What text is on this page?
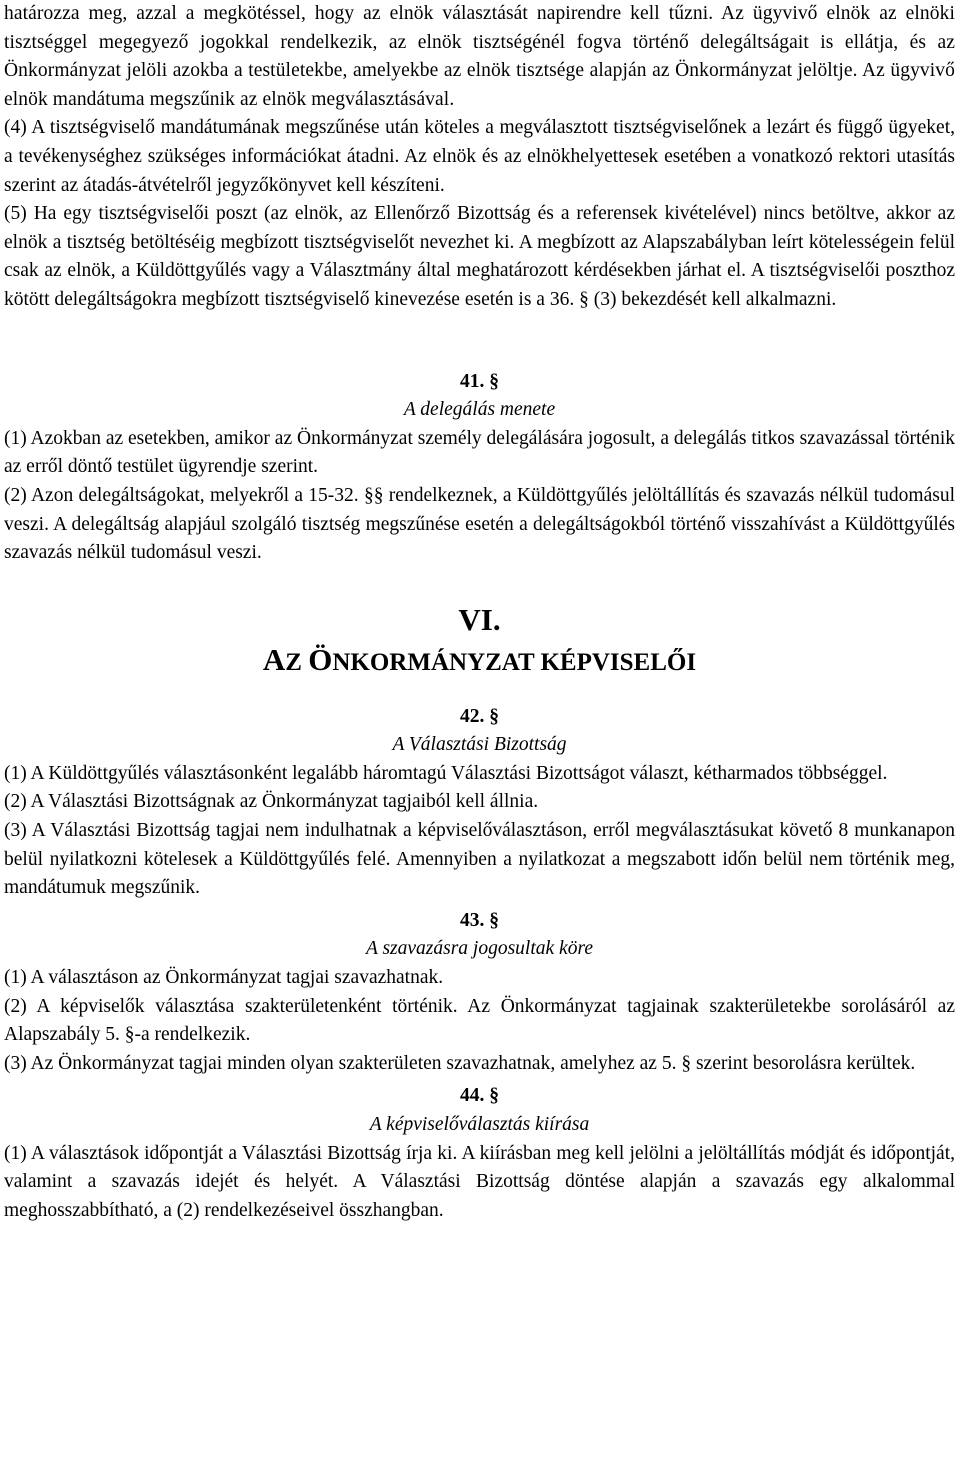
határozza meg, azzal a megkötéssel, hogy az elnök választását napirendre kell tűzni. Az ügyvivő elnök az elnöki tisztséggel megegyező jogokkal rendelkezik, az elnök tisztségénél fogva történő delegáltságait is ellátja, és az Önkormányzat jelöli azokba a testületekbe, amelyekbe az elnök tisztsége alapján az Önkormányzat jelöltje. Az ügyvivő elnök mandátuma megszűnik az elnök megválasztásával.

(4) A tisztségviselő mandátumának megszűnése után köteles a megválasztott tisztségviselőnek a lezárt és függő ügyeket, a tevékenységhez szükséges információkat átadni. Az elnök és az elnökhelyettesek esetében a vonatkozó rektori utasítás szerint az átadás-átvételről jegyzőkönyvet kell készíteni.

(5) Ha egy tisztségviselői poszt (az elnök, az Ellenőrző Bizottság és a referensek kivételével) nincs betöltve, akkor az elnök a tisztség betöltéséig megbízott tisztségviselőt nevezhet ki. A megbízott az Alapszabályban leírt kötelességein felül csak az elnök, a Küldöttgyűlés vagy a Választmány által meghatározott kérdésekben járhat el. A tisztségviselői poszthoz kötött delegáltságokra megbízott tisztségviselő kinevezése esetén is a 36. § (3) bekezdését kell alkalmazni.

41. §

A delegálás menete

(1) Azokban az esetekben, amikor az Önkormányzat személy delegálására jogosult, a delegálás titkos szavazással történik az erről döntő testület ügyrendje szerint.

(2) Azon delegáltságokat, melyekről a 15-32. §§ rendelkeznek, a Küldöttgyűlés jelöltállítás és szavazás nélkül tudomásul veszi. A delegáltság alapjául szolgáló tisztség megszűnése esetén a delegáltságokból történő visszahívást a Küldöttgyűlés szavazás nélkül tudomásul veszi.

VI.

AZ ÖNKORMÁNYZAT KÉPVISELŐI

42. §

A Választási Bizottság

(1) A Küldöttgyűlés választásonként legalább háromtagú Választási Bizottságot választ, kétharmados többséggel.

(2) A Választási Bizottságnak az Önkormányzat tagjaiból kell állnia.

(3) A Választási Bizottság tagjai nem indulhatnak a képviselőválasztáson, erről megválasztásukat követő 8 munkanapon belül nyilatkozni kötelesek a Küldöttgyűlés felé. Amennyiben a nyilatkozat a megszabott időn belül nem történik meg, mandátumuk megszűnik.

43. §

A szavazásra jogosultak köre

(1) A választáson az Önkormányzat tagjai szavazhatnak.

(2) A képviselők választása szakterületenként történik. Az Önkormányzat tagjainak szakterületekbe sorolásáról az Alapszabály 5. §-a rendelkezik.

(3) Az Önkormányzat tagjai minden olyan szakterületen szavazhatnak, amelyhez az 5. § szerint besorolásra kerültek.

44. §

A képviselőválasztás kiírása

(1) A választások időpontját a Választási Bizottság írja ki. A kiírásban meg kell jelölni a jelöltállítás módját és időpontját, valamint a szavazás idejét és helyét. A Választási Bizottság döntése alapján a szavazás egy alkalommal meghosszabbítható, a (2) rendelkezéseivel összhangban.
